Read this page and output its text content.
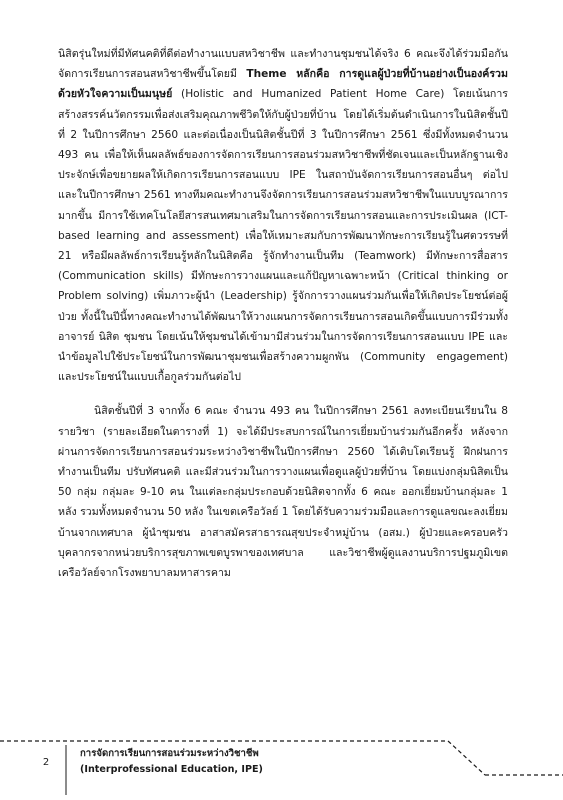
นิสิตรุ่นใหม่ที่มีทัศนคติที่ดีต่อทำงานแบบสหวิชาชีพ และทำงานชุมชนได้จริง 6 คณะจึงได้ร่วมมือกันจัดการเรียนการสอนสหวิชาชีพขึ้นโดยมี Theme หลักคือ การดูแลผู้ป่วยที่บ้านอย่างเป็นองค์รวมด้วยหัวใจความเป็นมนุษย์ (Holistic and Humanized Patient Home Care) โดยเน้นการสร้างสรรค์นวัตกรรมเพื่อส่งเสริมคุณภาพชีวิตให้กับผู้ป่วยที่บ้าน โดยได้เริ่มต้นดำเนินการในนิสิตชั้นปีที่ 2 ในปีการศึกษา 2560 และต่อเนื่องเป็นนิสิตชั้นปีที่ 3 ในปีการศึกษา 2561 ซึ่งมีทั้งหมดจำนวน 493 คน เพื่อให้เห็นผลลัพธ์ของการจัดการเรียนการสอนร่วมสหวิชาชีพที่ชัดเจนและเป็นหลักฐานเชิงประจักษ์เพื่อขยายผลให้เกิดการเรียนการสอนแบบ IPE ในสถาบันจัดการเรียนการสอนอื่นๆ ต่อไป และในปีการศึกษา 2561 ทางทีมคณะทำงานจึงจัดการเรียนการสอนร่วมสหวิชาชีพในแบบบูรณาการมากขึ้น มีการใช้เทคโนโลยีสารสนเทศมาเสริมในการจัดการเรียนการสอนและการประเมินผล (ICT-based learning and assessment) เพื่อให้เหมาะสมกับการพัฒนาทักษะการเรียนรู้ในศตวรรษที่ 21 หรือมีผลลัพธ์การเรียนรู้หลักในนิสิตคือ รู้จักทำงานเป็นทีม (Teamwork) มีทักษะการสื่อสาร (Communication skills) มีทักษะการวางแผนและแก้ปัญหาเฉพาะหน้า (Critical thinking or Problem solving) เพิ่มภาวะผู้นำ (Leadership) รู้จักการวางแผนร่วมกันเพื่อให้เกิดประโยชน์ต่อผู้ป่วย ทั้งนี้ในปีนี้ทางคณะทำงานได้พัฒนาให้วางแผนการจัดการเรียนการสอนเกิดขึ้นแบบการมีร่วมทั้งอาจารย์ นิสิต ชุมชน โดยเน้นให้ชุมชนได้เข้ามามีส่วนร่วมในการจัดการเรียนการสอนแบบ IPE และนำข้อมูลไปใช้ประโยชน์ในการพัฒนาชุมชนเพื่อสร้างความผูกพัน (Community engagement) และประโยชน์ในแบบเกื้อกูลร่วมกันต่อไป

นิสิตชั้นปีที่ 3 จากทั้ง 6 คณะ จำนวน 493 คน ในปีการศึกษา 2561 ลงทะเบียนเรียนใน 8 รายวิชา (รายละเอียดในตารางที่ 1) จะได้มีประสบการณ์ในการเยี่ยมบ้านร่วมกันอีกครั้ง หลังจากผ่านการจัดการเรียนการสอนร่วมระหว่างวิชาชีพในปีการศึกษา 2560 ได้เติบโตเรียนรู้ ฝึกฝนการทำงานเป็นทีม ปรับทัศนคติ และมีส่วนร่วมในการวางแผนเพื่อดูแลผู้ป่วยที่บ้าน โดยแบ่งกลุ่มนิสิตเป็น 50 กลุ่ม กลุ่มละ 9-10 คน ในแต่ละกลุ่มประกอบด้วยนิสิตจากทั้ง 6 คณะ ออกเยี่ยมบ้านกลุ่มละ 1 หลัง รวมทั้งหมดจำนวน 50 หลัง ในเขตเครือวัลย์ 1 โดยได้รับความร่วมมือและการดูแลขณะลงเยี่ยมบ้านจากเทศบาล ผู้นำชุมชน อาสาสมัครสาธารณสุขประจำหมู่บ้าน (อสม.) ผู้ป่วยและครอบครัว บุคลากรจากหน่วยบริการสุขภาพเขตบูรพาของเทศบาล และวิชาชีพผู้ดูแลงานบริการปฐมภูมิเขตเครือวัลย์จากโรงพยาบาลมหาสารคาม

2
การจัดการเรียนการสอนร่วมระหว่างวิชาชีพ
(Interprofessional Education, IPE)
